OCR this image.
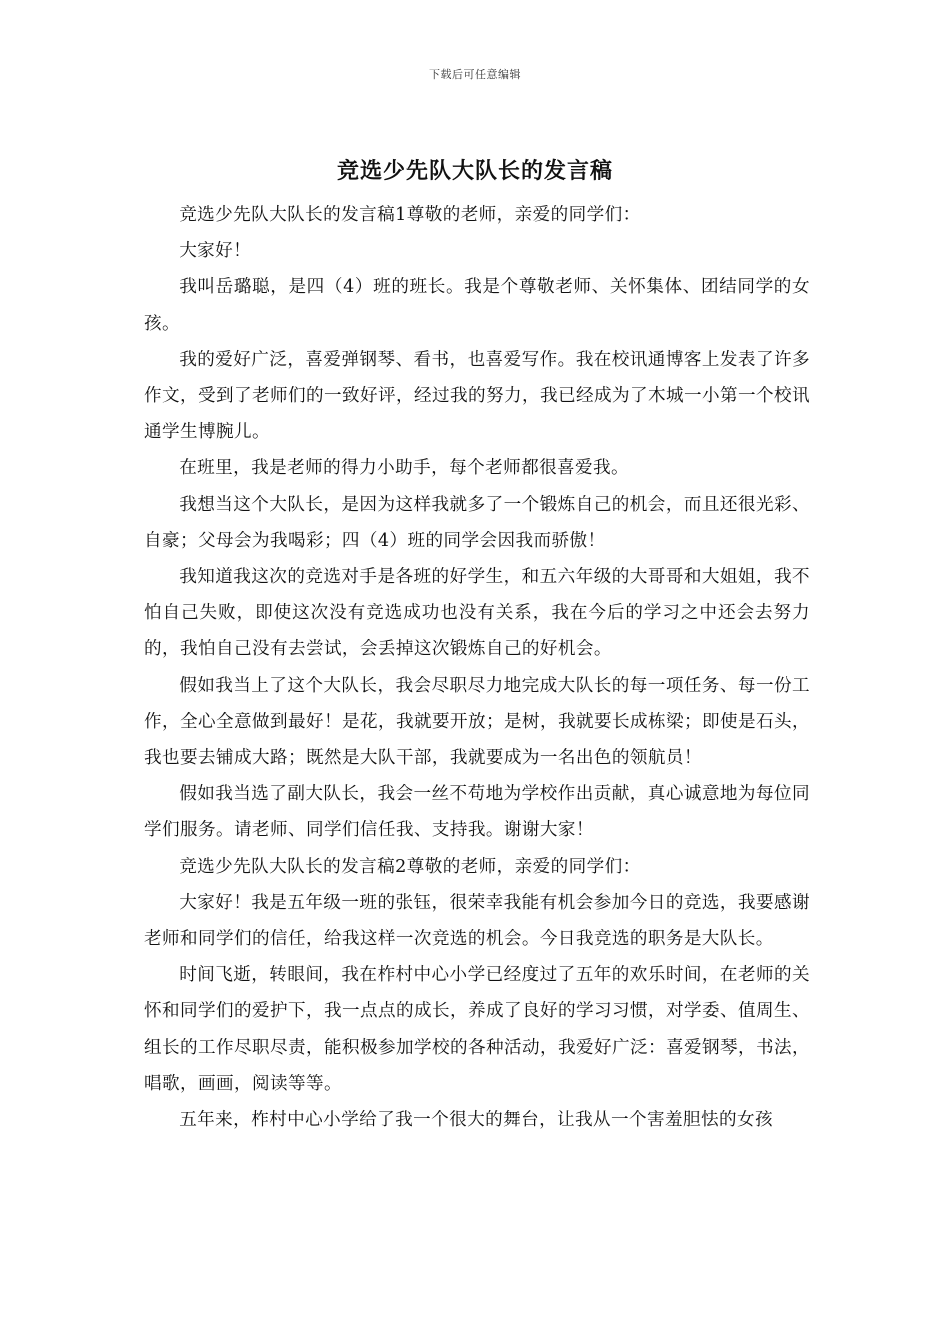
下载后可任意编辑
竞选少先队大队长的发言稿

竞选少先队大队长的发言稿1尊敬的老师，亲爱的同学们：

大家好！

我叫岳璐聪，是四（4）班的班长。我是个尊敬老师、关怀集体、团结同学的女孩。

我的爱好广泛，喜爱弹钢琴、看书，也喜爱写作。我在校讯通博客上发表了许多作文，受到了老师们的一致好评，经过我的努力，我已经成为了木城一小第一个校讯通学生博腕儿。

在班里，我是老师的得力小助手，每个老师都很喜爱我。

我想当这个大队长，是因为这样我就多了一个锻炼自己的机会，而且还很光彩、自豪；父母会为我喝彩；四（4）班的同学会因我而骄傲！

我知道我这次的竞选对手是各班的好学生，和五六年级的大哥哥和大姐姐，我不怕自己失败，即使这次没有竞选成功也没有关系，我在今后的学习之中还会去努力的，我怕自己没有去尝试，会丢掉这次锻炼自己的好机会。

假如我当上了这个大队长，我会尽职尽力地完成大队长的每一项任务、每一份工作，全心全意做到最好！是花，我就要开放；是树，我就要长成栋梁；即使是石头，我也要去铺成大路；既然是大队干部，我就要成为一名出色的领航员！

假如我当选了副大队长，我会一丝不苟地为学校作出贡献，真心诚意地为每位同学们服务。请老师、同学们信任我、支持我。谢谢大家！

竞选少先队大队长的发言稿2尊敬的老师，亲爱的同学们：

大家好！我是五年级一班的张钰，很荣幸我能有机会参加今日的竞选，我要感谢老师和同学们的信任，给我这样一次竞选的机会。今日我竞选的职务是大队长。

时间飞逝，转眼间，我在柞村中心小学已经度过了五年的欢乐时间，在老师的关怀和同学们的爱护下，我一点点的成长，养成了良好的学习习惯，对学委、值周生、组长的工作尽职尽责，能积极参加学校的各种活动，我爱好广泛：喜爱钢琴，书法，唱歌，画画，阅读等等。

五年来，柞村中心小学给了我一个很大的舞台，让我从一个害羞胆怯的女孩
